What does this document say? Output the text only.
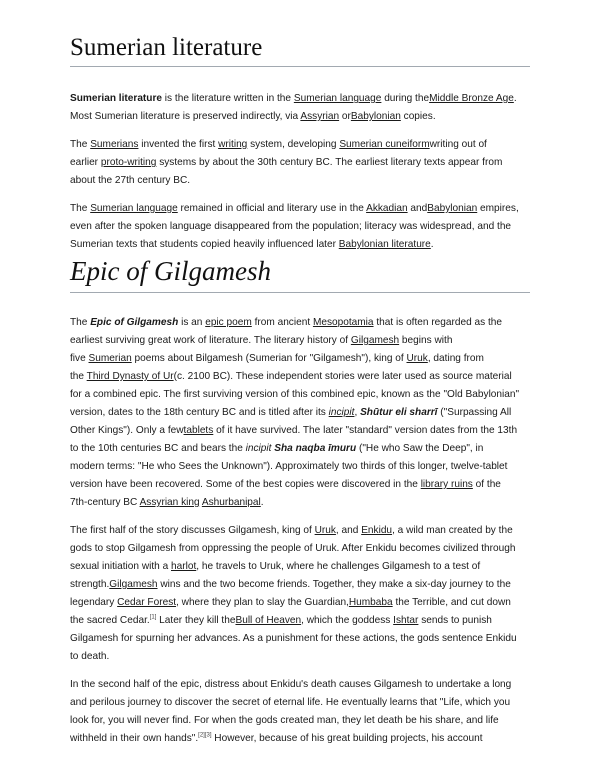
Sumerian literature

Sumerian literature is the literature written in the Sumerian language during theMiddle Bronze Age.
Most Sumerian literature is preserved indirectly, via Assyrian orBabylonian copies.

The Sumerians invented the first writing system, developing Sumerian cuneiformwriting out of
earlier proto-writing systems by about the 30th century BC. The earliest literary texts appear from
about the 27th century BC.

The Sumerian language remained in official and literary use in the Akkadian andBabylonian empires,
even after the spoken language disappeared from the population; literacy was widespread, and the
Sumerian texts that students copied heavily influenced later Babylonian literature.

Epic of Gilgamesh

The Epic of Gilgamesh is an epic poem from ancient Mesopotamia that is often regarded as the
earliest surviving great work of literature. The literary history of Gilgamesh begins with
five Sumerian poems about Bilgamesh (Sumerian for "Gilgamesh"), king of Uruk, dating from
the Third Dynasty of Ur(c. 2100 BC). These independent stories were later used as source material
for a combined epic. The first surviving version of this combined epic, known as the "Old Babylonian"
version, dates to the 18th century BC and is titled after its incipit, Shūtur eli sharrī ("Surpassing All
Other Kings"). Only a fewtablets of it have survived. The later "standard" version dates from the 13th
to the 10th centuries BC and bears the incipit Sha naqba īmuru ("He who Saw the Deep", in
modern terms: "He who Sees the Unknown"). Approximately two thirds of this longer, twelve-tablet
version have been recovered. Some of the best copies were discovered in the library ruins of the
7th-century BC Assyrian king Ashurbanipal.

The first half of the story discusses Gilgamesh, king of Uruk, and Enkidu, a wild man created by the
gods to stop Gilgamesh from oppressing the people of Uruk. After Enkidu becomes civilized through
sexual initiation with a harlot, he travels to Uruk, where he challenges Gilgamesh to a test of
strength.Gilgamesh wins and the two become friends. Together, they make a six-day journey to the
legendary Cedar Forest, where they plan to slay the Guardian,Humbaba the Terrible, and cut down
the sacred Cedar.[1] Later they kill theBull of Heaven, which the goddess Ishtar sends to punish
Gilgamesh for spurning her advances. As a punishment for these actions, the gods sentence Enkidu
to death.

In the second half of the epic, distress about Enkidu's death causes Gilgamesh to undertake a long
and perilous journey to discover the secret of eternal life. He eventually learns that "Life, which you
look for, you will never find. For when the gods created man, they let death be his share, and life
withheld in their own hands".[2][3] However, because of his great building projects, his account
